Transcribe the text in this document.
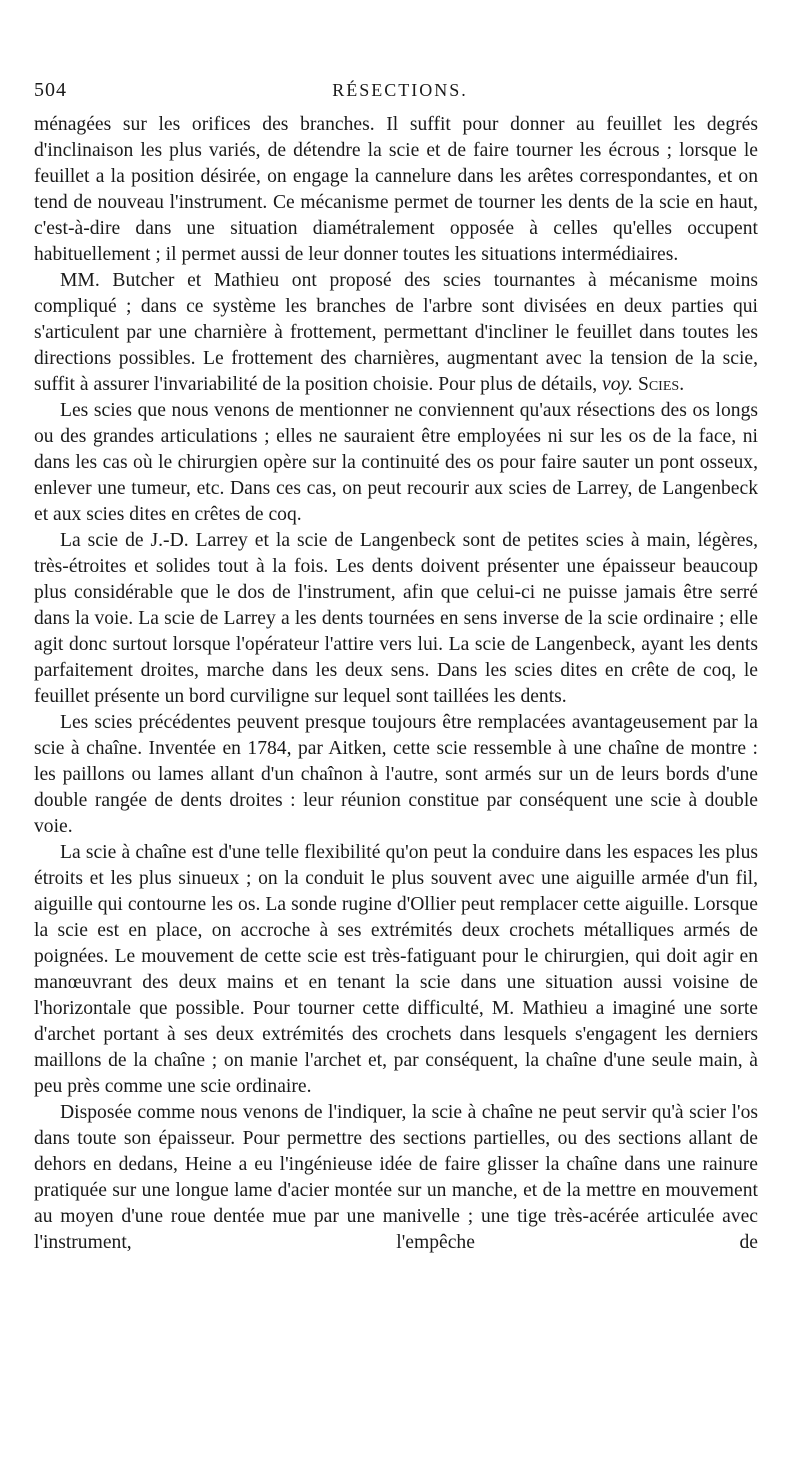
504	RÉSECTIONS.

ménagées sur les orifices des branches. Il suffit pour donner au feuillet les degrés d'inclinaison les plus variés, de détendre la scie et de faire tourner les écrous ; lorsque le feuillet a la position désirée, on engage la cannelure dans les arêtes correspondantes, et on tend de nouveau l'instrument. Ce mécanisme permet de tourner les dents de la scie en haut, c'est-à-dire dans une situation diamétralement opposée à celles qu'elles occupent habituellement ; il permet aussi de leur donner toutes les situations intermédiaires.

MM. Butcher et Mathieu ont proposé des scies tournantes à mécanisme moins compliqué ; dans ce système les branches de l'arbre sont divisées en deux parties qui s'articulent par une charnière à frottement, permettant d'incliner le feuillet dans toutes les directions possibles. Le frottement des charnières, augmentant avec la tension de la scie, suffit à assurer l'invariabilité de la position choisie. Pour plus de détails, voy. Scies.

Les scies que nous venons de mentionner ne conviennent qu'aux résections des os longs ou des grandes articulations ; elles ne sauraient être employées ni sur les os de la face, ni dans les cas où le chirurgien opère sur la continuité des os pour faire sauter un pont osseux, enlever une tumeur, etc. Dans ces cas, on peut recourir aux scies de Larrey, de Langenbeck et aux scies dites en crêtes de coq.

La scie de J.-D. Larrey et la scie de Langenbeck sont de petites scies à main, légères, très-étroites et solides tout à la fois. Les dents doivent présenter une épaisseur beaucoup plus considérable que le dos de l'instrument, afin que celui-ci ne puisse jamais être serré dans la voie. La scie de Larrey a les dents tournées en sens inverse de la scie ordinaire ; elle agit donc surtout lorsque l'opérateur l'attire vers lui. La scie de Langenbeck, ayant les dents parfaitement droites, marche dans les deux sens. Dans les scies dites en crête de coq, le feuillet présente un bord curviligne sur lequel sont taillées les dents.

Les scies précédentes peuvent presque toujours être remplacées avantageusement par la scie à chaîne. Inventée en 1784, par Aitken, cette scie ressemble à une chaîne de montre : les paillons ou lames allant d'un chaînon à l'autre, sont armés sur un de leurs bords d'une double rangée de dents droites : leur réunion constitue par conséquent une scie à double voie.

La scie à chaîne est d'une telle flexibilité qu'on peut la conduire dans les espaces les plus étroits et les plus sinueux ; on la conduit le plus souvent avec une aiguille armée d'un fil, aiguille qui contourne les os. La sonde rugine d'Ollier peut remplacer cette aiguille. Lorsque la scie est en place, on accroche à ses extrémités deux crochets métalliques armés de poignées. Le mouvement de cette scie est très-fatiguant pour le chirurgien, qui doit agir en manœuvrant des deux mains et en tenant la scie dans une situation aussi voisine de l'horizontale que possible. Pour tourner cette difficulté, M. Mathieu a imaginé une sorte d'archet portant à ses deux extrémités des crochets dans lesquels s'engagent les derniers maillons de la chaîne ; on manie l'archet et, par conséquent, la chaîne d'une seule main, à peu près comme une scie ordinaire.

Disposée comme nous venons de l'indiquer, la scie à chaîne ne peut servir qu'à scier l'os dans toute son épaisseur. Pour permettre des sections partielles, ou des sections allant de dehors en dedans, Heine a eu l'ingénieuse idée de faire glisser la chaîne dans une rainure pratiquée sur une longue lame d'acier montée sur un manche, et de la mettre en mouvement au moyen d'une roue dentée mue par une manivelle ; une tige très-acérée articulée avec l'instrument, l'empêche de
